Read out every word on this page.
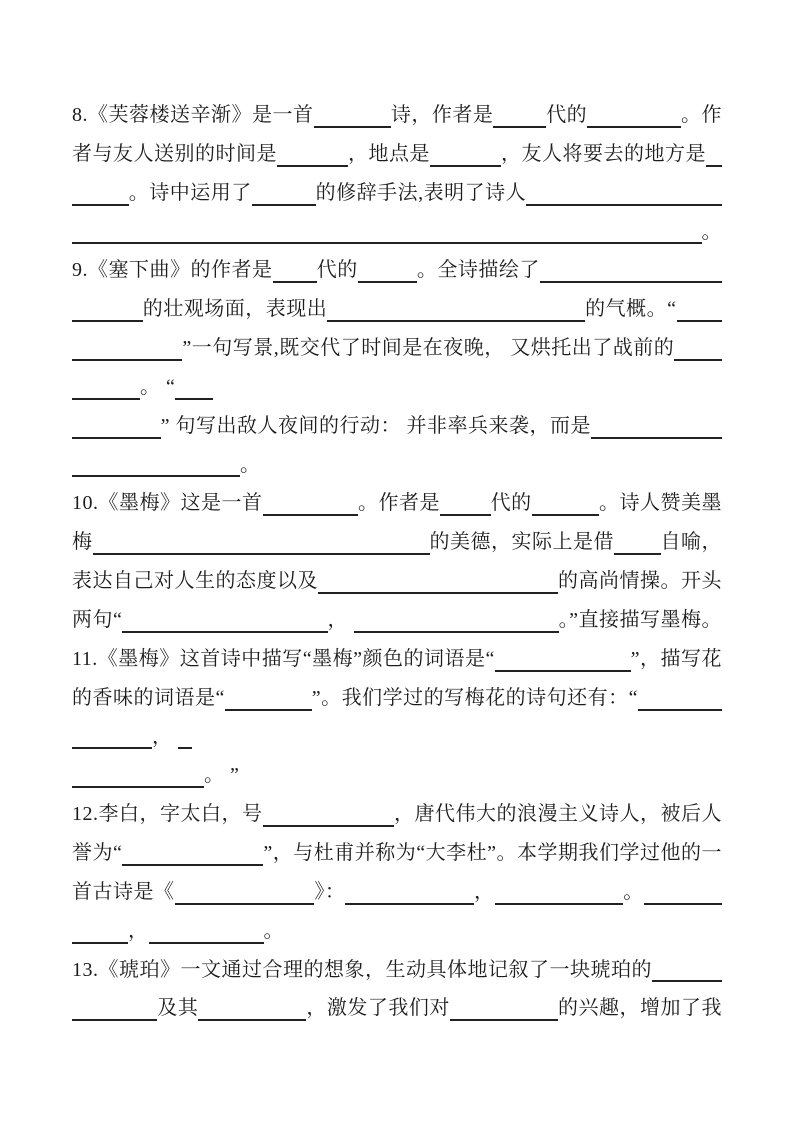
8.《芙蓉楼送辛渐》是一首	诗，作者是	代的	。作
者与友人送别的时间是	，地点是	，友人将要去的地方是
。诗中运用了	的修辞手法,表明了诗人
。
9.《塞下曲》的作者是 代的	。全诗描绘了
的壮观场面，表现出	的气概。“
”一句写景,既交代了时间是在夜晚， 又烘托出了战前的
。 “
” 句写出敌人夜间的行动： 并非率兵来袭，而是
。
10.《墨梅》这是一首	。作者是	代的	。诗人赞美墨
梅	的美德，实际上是借 自喻，
表达自己对人生的态度以及	的高尚情操。开头
两句“	，	。”直接描写墨梅。
11.《墨梅》这首诗中描写“墨梅”颜色的词语是“	”，描写花
的香味的词语是“	”。我们学过的写梅花的诗句还有：“
，
。 ”
12.李白，字太白，号	，唐代伟大的浪漫主义诗人，被后人
誉为“	”，与杜甫并称为“大李杜”。本学期我们学过他的一
首古诗是《	》：	，	。
，	。
13.《琥珀》一文通过合理的想象，生动具体地记叙了一块琥珀的
及其	，激发了我们对	的兴趣，增加了我
